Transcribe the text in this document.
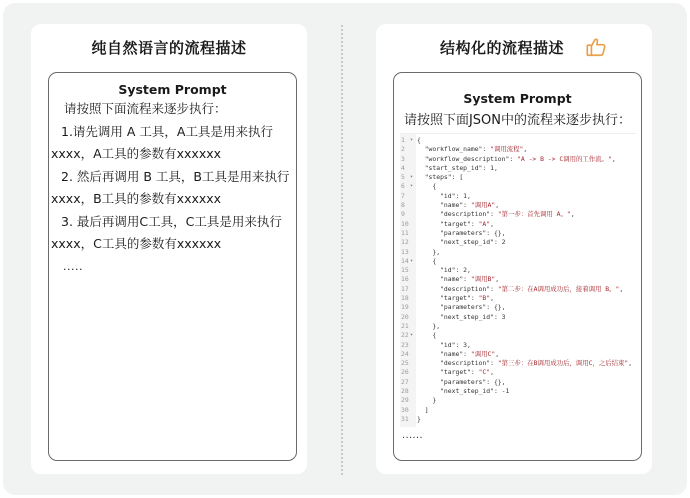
纯自然语言的流程描述
System Prompt
请按照下面流程来逐步执行：
1.请先调用 A 工具，A工具是用来执行
xxxx，A工具的参数有xxxxxx
2. 然后再调用 B 工具，B工具是用来执行
xxxx，B工具的参数有xxxxxx
3. 最后再调用C工具，C工具是用来执行
xxxx，C工具的参数有xxxxxx
.....
结构化的流程描述
System Prompt
请按照下面JSON中的流程来逐步执行：
1	▾ {
2	"workflow_name": "调用流程",
3	"workflow_description": "A -> B -> C调用的工作流。",
4	"start_step_id": 1,
5	▾ "steps": [
6	▾ {
7	"id": 1,
8	"name": "调用A",
9	"description": "第一步：首先调用 A。",
10	"target": "A",
11	"parameters": {},
12	"next_step_id": 2
13	},
14 ▾ {
15	"id": 2,
16	"name": "调用B",
17	"description": "第二步：在A调用成功后，接着调用 B。",
18	"target": "B",
19	"parameters": {},
20	"next_step_id": 3
21	},
22 ▾ {
23	"id": 3,
24	"name": "调用C",
25	"description": "第三步：在B调用成功后，调用C，之后结束",
26	"target": "C",
27	"parameters": {},
28	"next_step_id": -1
29	}
30	]
31	}
......
